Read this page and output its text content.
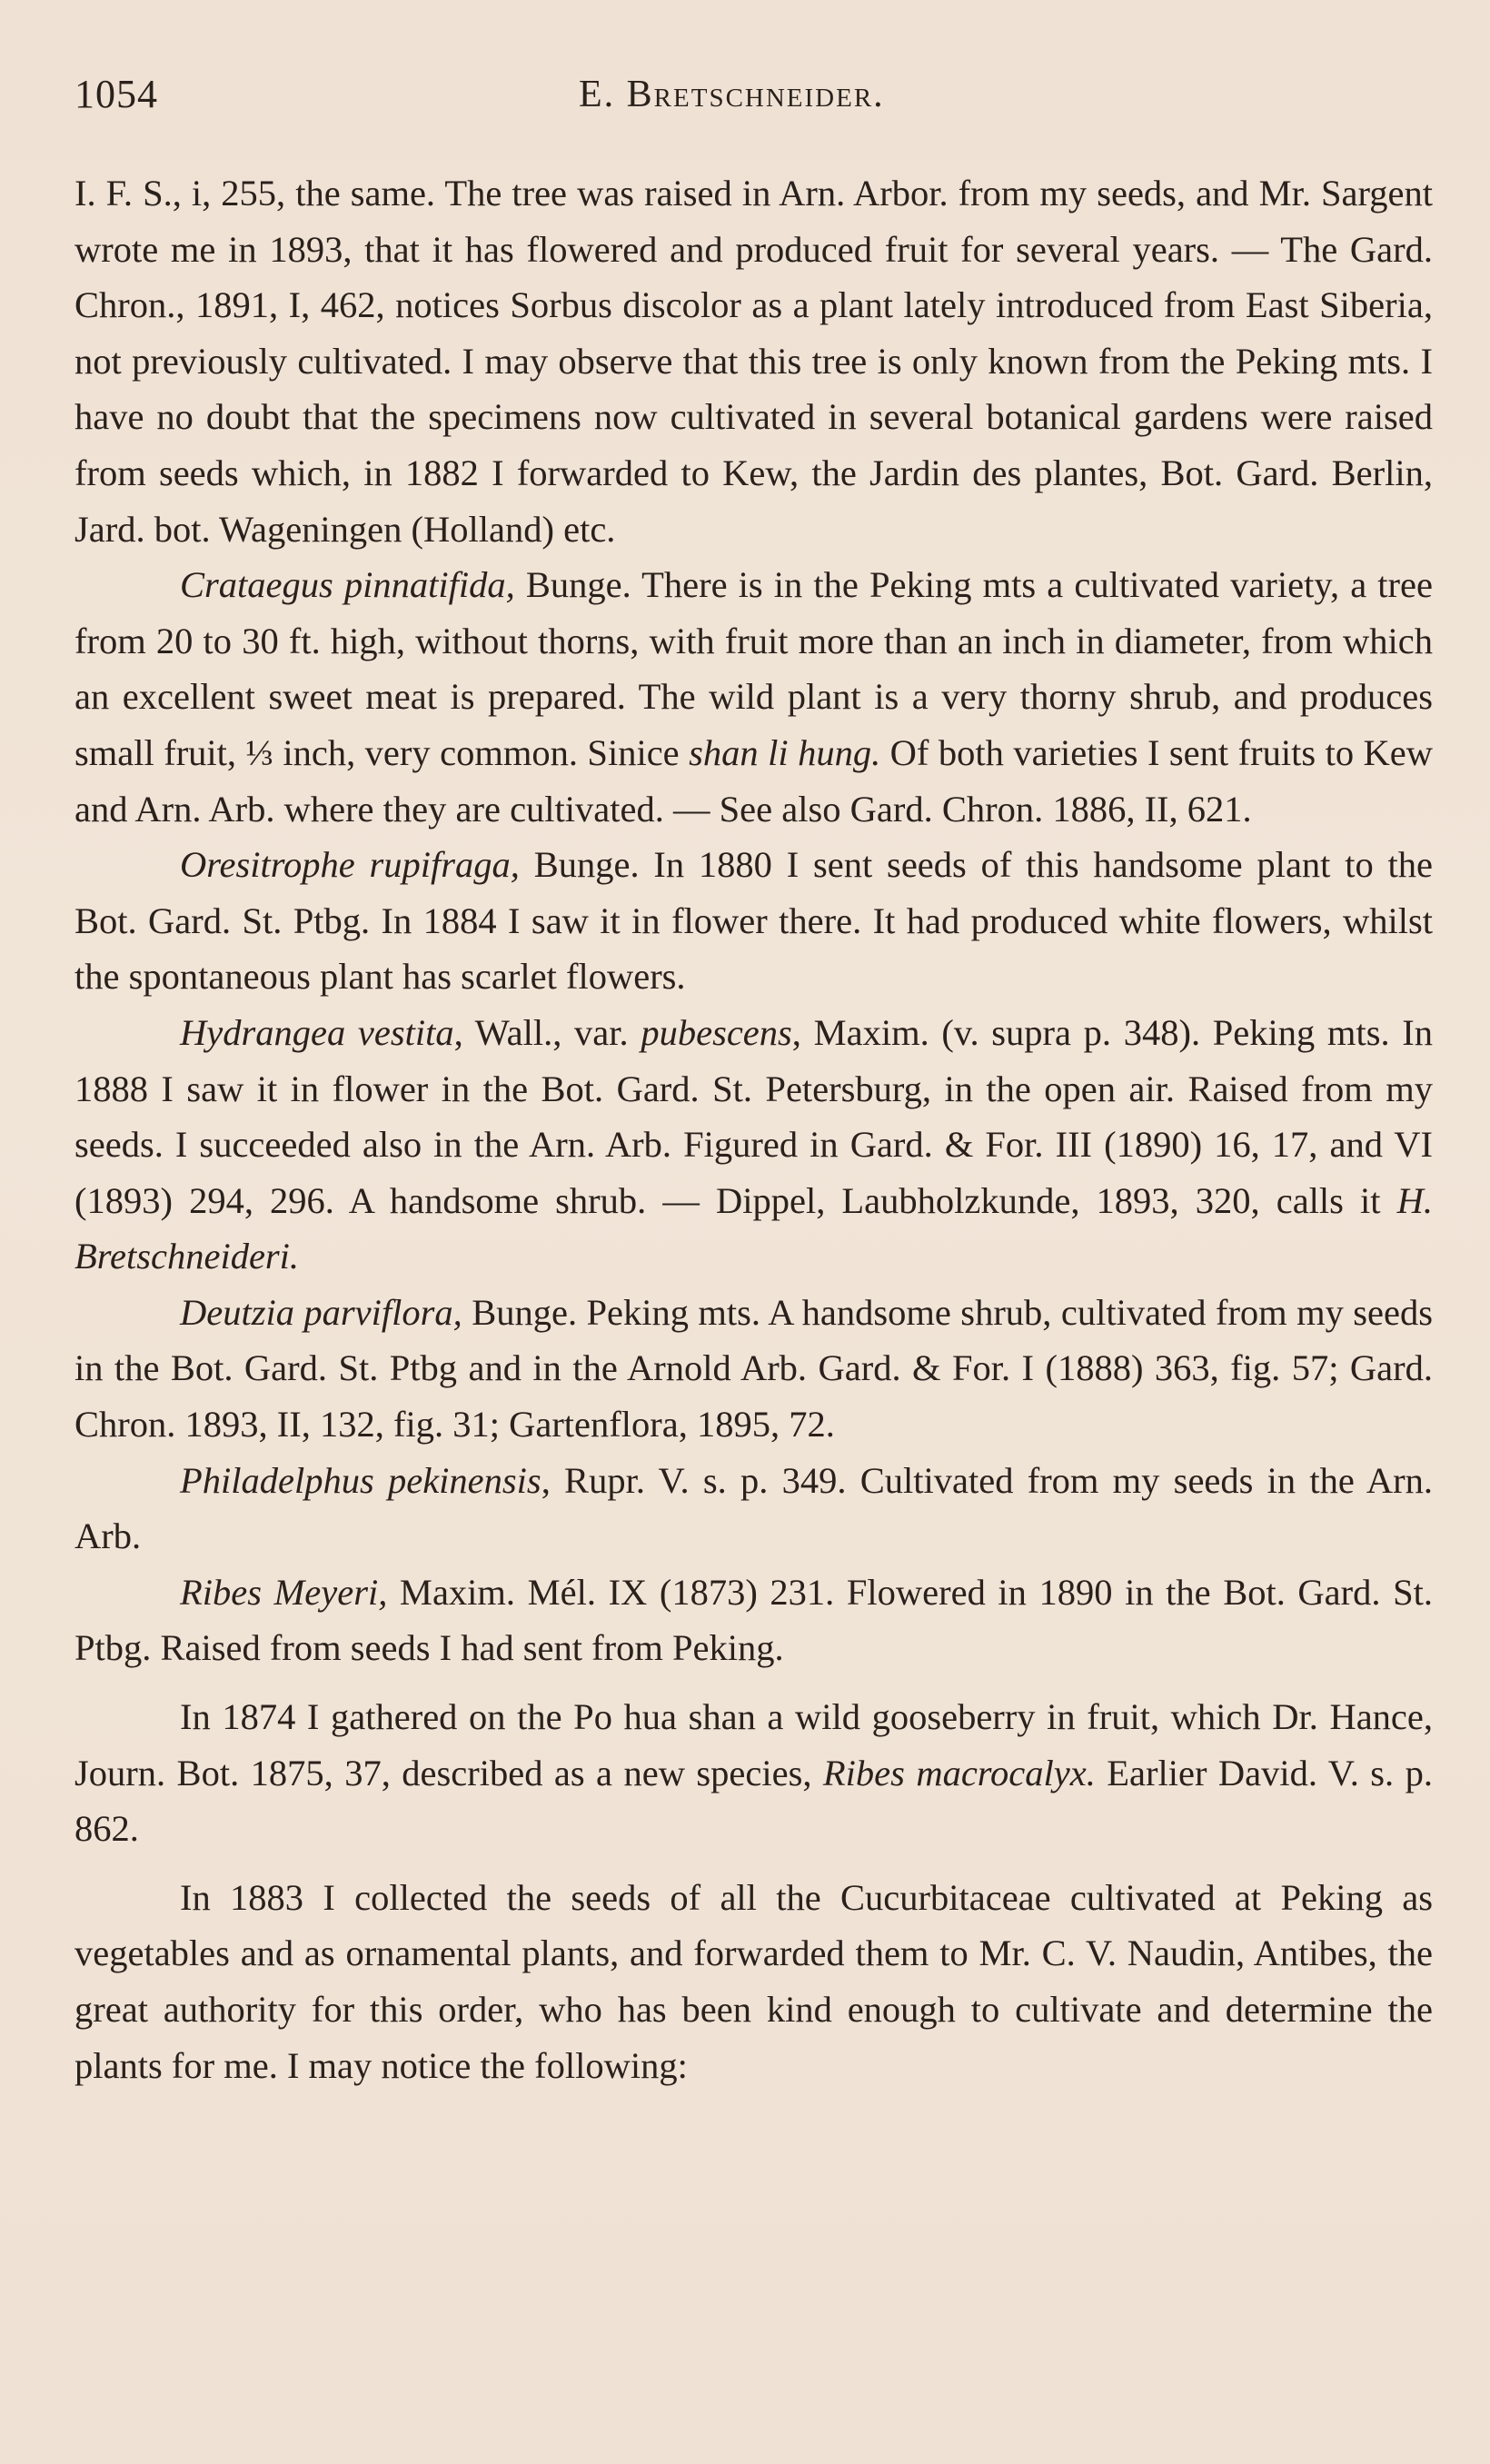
1054	E. Bretschneider.

I. F. S., i, 255, the same. The tree was raised in Arn. Arbor. from my seeds, and Mr. Sargent wrote me in 1893, that it has flowered and produced fruit for several years. — The Gard. Chron., 1891, I, 462, notices Sorbus discolor as a plant lately introduced from East Siberia, not previously cultivated. I may observe that this tree is only known from the Peking mts. I have no doubt that the specimens now cultivated in several botanical gardens were raised from seeds which, in 1882 I forwarded to Kew, the Jardin des plantes, Bot. Gard. Berlin, Jard. bot. Wageningen (Holland) etc.

Crataegus pinnatifida, Bunge. There is in the Peking mts a cultivated variety, a tree from 20 to 30 ft. high, without thorns, with fruit more than an inch in diameter, from which an excellent sweet meat is prepared. The wild plant is a very thorny shrub, and produces small fruit, ⅓ inch, very common. Sinice shan li hung. Of both varieties I sent fruits to Kew and Arn. Arb. where they are cultivated. — See also Gard. Chron. 1886, II, 621.

Oresitrophe rupifraga, Bunge. In 1880 I sent seeds of this handsome plant to the Bot. Gard. St. Ptbg. In 1884 I saw it in flower there. It had produced white flowers, whilst the spontaneous plant has scarlet flowers.

Hydrangea vestita, Wall., var. pubescens, Maxim. (v. supra p. 348). Peking mts. In 1888 I saw it in flower in the Bot. Gard. St. Petersburg, in the open air. Raised from my seeds. I succeeded also in the Arn. Arb. Figured in Gard. & For. III (1890) 16, 17, and VI (1893) 294, 296. A handsome shrub. — Dippel, Laubholzkunde, 1893, 320, calls it H. Bretschneideri.

Deutzia parviflora, Bunge. Peking mts. A handsome shrub, cultivated from my seeds in the Bot. Gard. St. Ptbg and in the Arnold Arb. Gard. & For. I (1888) 363, fig. 57; Gard. Chron. 1893, II, 132, fig. 31; Gartenflora, 1895, 72.

Philadelphus pekinensis, Rupr. V. s. p. 349. Cultivated from my seeds in the Arn. Arb.

Ribes Meyeri, Maxim. Mél. IX (1873) 231. Flowered in 1890 in the Bot. Gard. St. Ptbg. Raised from seeds I had sent from Peking.

In 1874 I gathered on the Po hua shan a wild gooseberry in fruit, which Dr. Hance, Journ. Bot. 1875, 37, described as a new species, Ribes macrocalyx. Earlier David. V. s. p. 862.

In 1883 I collected the seeds of all the Cucurbitaceae cultivated at Peking as vegetables and as ornamental plants, and forwarded them to Mr. C. V. Naudin, Antibes, the great authority for this order, who has been kind enough to cultivate and determine the plants for me. I may notice the following:
